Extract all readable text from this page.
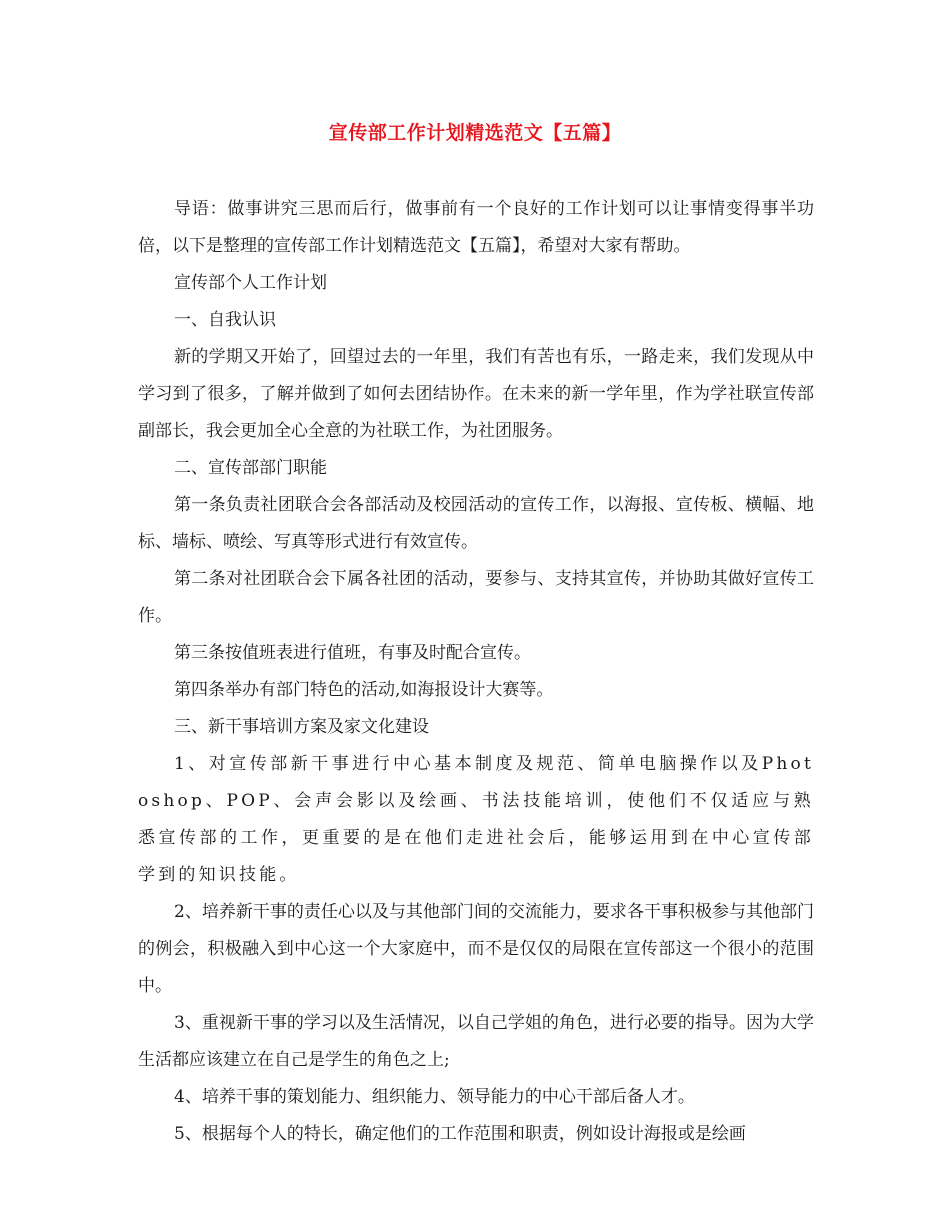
宣传部工作计划精选范文【五篇】

导语：做事讲究三思而后行，做事前有一个良好的工作计划可以让事情变得事半功倍，以下是整理的宣传部工作计划精选范文【五篇】，希望对大家有帮助。

宣传部个人工作计划

一、自我认识

新的学期又开始了，回望过去的一年里，我们有苦也有乐，一路走来，我们发现从中学习到了很多，了解并做到了如何去团结协作。在未来的新一学年里，作为学社联宣传部副部长，我会更加全心全意的为社联工作，为社团服务。

二、宣传部部门职能

第一条负责社团联合会各部活动及校园活动的宣传工作，以海报、宣传板、横幅、地标、墙标、喷绘、写真等形式进行有效宣传。

第二条对社团联合会下属各社团的活动，要参与、支持其宣传，并协助其做好宣传工作。

第三条按值班表进行值班，有事及时配合宣传。

第四条举办有部门特色的活动,如海报设计大赛等。

三、新干事培训方案及家文化建设

1、对宣传部新干事进行中心基本制度及规范、简单电脑操作以及Photoshop、POP、会声会影以及绘画、书法技能培训，使他们不仅适应与熟悉宣传部的工作，更重要的是在他们走进社会后，能够运用到在中心宣传部学到的知识技能。

2、培养新干事的责任心以及与其他部门间的交流能力，要求各干事积极参与其他部门的例会，积极融入到中心这一个大家庭中，而不是仅仅的局限在宣传部这一个很小的范围中。

3、重视新干事的学习以及生活情况，以自己学姐的角色，进行必要的指导。因为大学生活都应该建立在自己是学生的角色之上;

4、培养干事的策划能力、组织能力、领导能力的中心干部后备人才。

5、根据每个人的特长，确定他们的工作范围和职责，例如设计海报或是绘画
